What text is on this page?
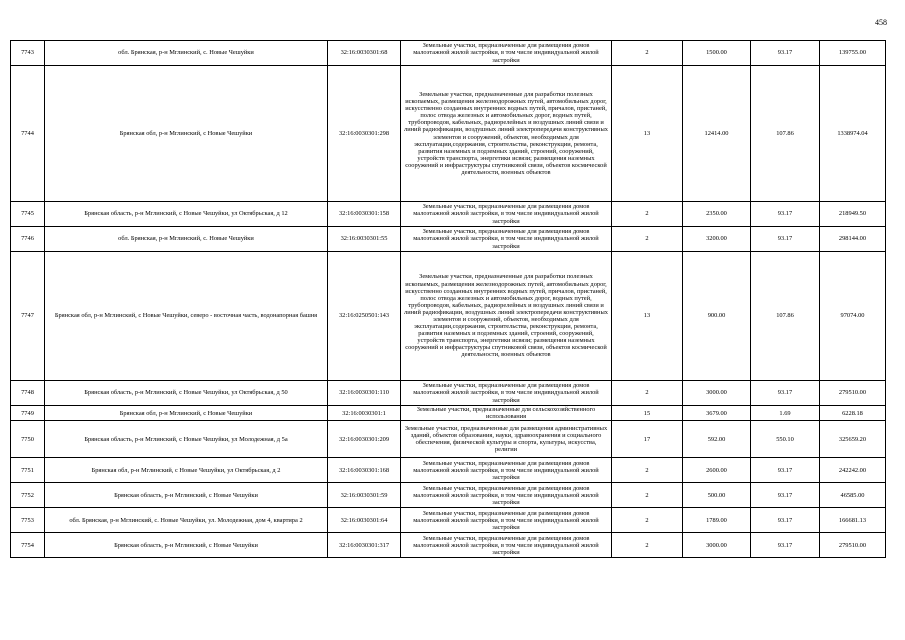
458
7743	обл. Брянская, р-н Мглинский, с. Новые Чешуйки	32:16:0030301:68	Земельные участки, предназначенные для размещения домов малоэтажной жилой застройки, в том числе индивидуальной жилой застройки	2	1500.00	93.17	139755.00
7744	Брянская обл, р-н Мглинский, с Новые Чешуйки	32:16:0030301:298	Земельные участки, предназначенные для разработки полезных ископаемых, размещения железнодорожных путей, автомобильных дорог, искусственно созданных внутренних водных путей, причалов, пристаней, полос отвода железных и автомобильных дорог, водных путей, трубопроводов, кабельных, радиорелейных и воздушных линий связи и линий радиофикации, воздушных линий электропередачи конструктивных элементов и сооружений, объектов, необходимых для эксплуатации,содержания, строительства, реконструкции, ремонта, развития наземных и подземных зданий, строений, сооружений, устройств транспорта, энергетики иcвязи; размещения наземных сооружений и инфраструктуры спутниковой связи, объектов космической деятельности, военных объектов	13	12414.00	107.86	1338974.04
7745	Брянская область, р-н Мглинский, с Новые Чешуйки, ул Октябрьская, д 12	32:16:0030301:158	Земельные участки, предназначенные для размещения домов малоэтажной жилой застройки, в том числе индивидуальной жилой застройки	2	2350.00	93.17	218949.50
7746	обл. Брянская, р-н Мглинский, с. Новые Чешуйки	32:16:0030301:55	Земельные участки, предназначенные для размещения домов малоэтажной жилой застройки, в том числе индивидуальной жилой застройки	2	3200.00	93.17	298144.00
7747	Брянская обл, р-н Мглинский, с Новые Чешуйки, северо - восточная часть, водонапорная башня	32:16:0250501:143	Земельные участки, предназначенные для разработки полезных ископаемых, размещения железнодорожных путей, автомобильных дорог, искусственно созданных внутренних водных путей, причалов, пристаней, полос отвода железных и автомобильных дорог, водных путей, трубопроводов, кабельных, радиорелейных и воздушных линий связи и линий радиофикации, воздушных линий электропередачи конструктивных элементов и сооружений, объектов, необходимых для эксплуатации,содержания, строительства, реконструкции, ремонта, развития наземных и подземных зданий, строений, сооружений, устройств транспорта, энергетики иcвязи; размещения наземных сооружений и инфраструктуры спутниковой связи, объектов космической деятельности, военных объектов	13	900.00	107.86	97074.00
7748	Брянская область, р-н Мглинский, с Новые Чешуйки, ул Октябрьская, д 50	32:16:0030301:110	Земельные участки, предназначенные для размещения домов малоэтажной жилой застройки, в том числе индивидуальной жилой застройки	2	3000.00	93.17	279510.00
7749	Брянская обл, р-н Мглинский, с Новые Чешуйки	32:16:0030301:1	Земельные участки, предназначенные для сельскохозяйственного использования	15	3679.00	1.69	6228.18
7750	Брянская область, р-н Мглинский, с Новые Чешуйки, ул Молодежная, д 5а	32:16:0030301:209	Земельные участки, предназначенные для размещения административных зданий, объектов образования, науки, здравоохранения и социального обеспечения, физической культуры и спорта, культуры, искусства, религии	17	592.00	550.10	325659.20
7751	Брянская обл, р-н Мглинский, с Новые Чешуйки, ул Октябрьская, д 2	32:16:0030301:168	Земельные участки, предназначенные для размещения домов малоэтажной жилой застройки, в том числе индивидуальной жилой застройки	2	2600.00	93.17	242242.00
7752	Брянская область, р-н Мглинский, с Новые Чешуйки	32:16:0030301:59	Земельные участки, предназначенные для размещения домов малоэтажной жилой застройки, в том числе индивидуальной жилой застройки	2	500.00	93.17	46585.00
7753	обл. Брянская, р-н Мглинский, с. Новые Чешуйки, ул. Молодежная, дом 4, квартира 2	32:16:0030301:64	Земельные участки, предназначенные для размещения домов малоэтажной жилой застройки, в том числе индивидуальной жилой застройки	2	1789.00	93.17	166681.13
7754	Брянская область, р-н Мглинский, с Новые Чешуйки	32:16:0030301:317	Земельные участки, предназначенные для размещения домов малоэтажной жилой застройки, в том числе индивидуальной жилой застройки	2	3000.00	93.17	279510.00
